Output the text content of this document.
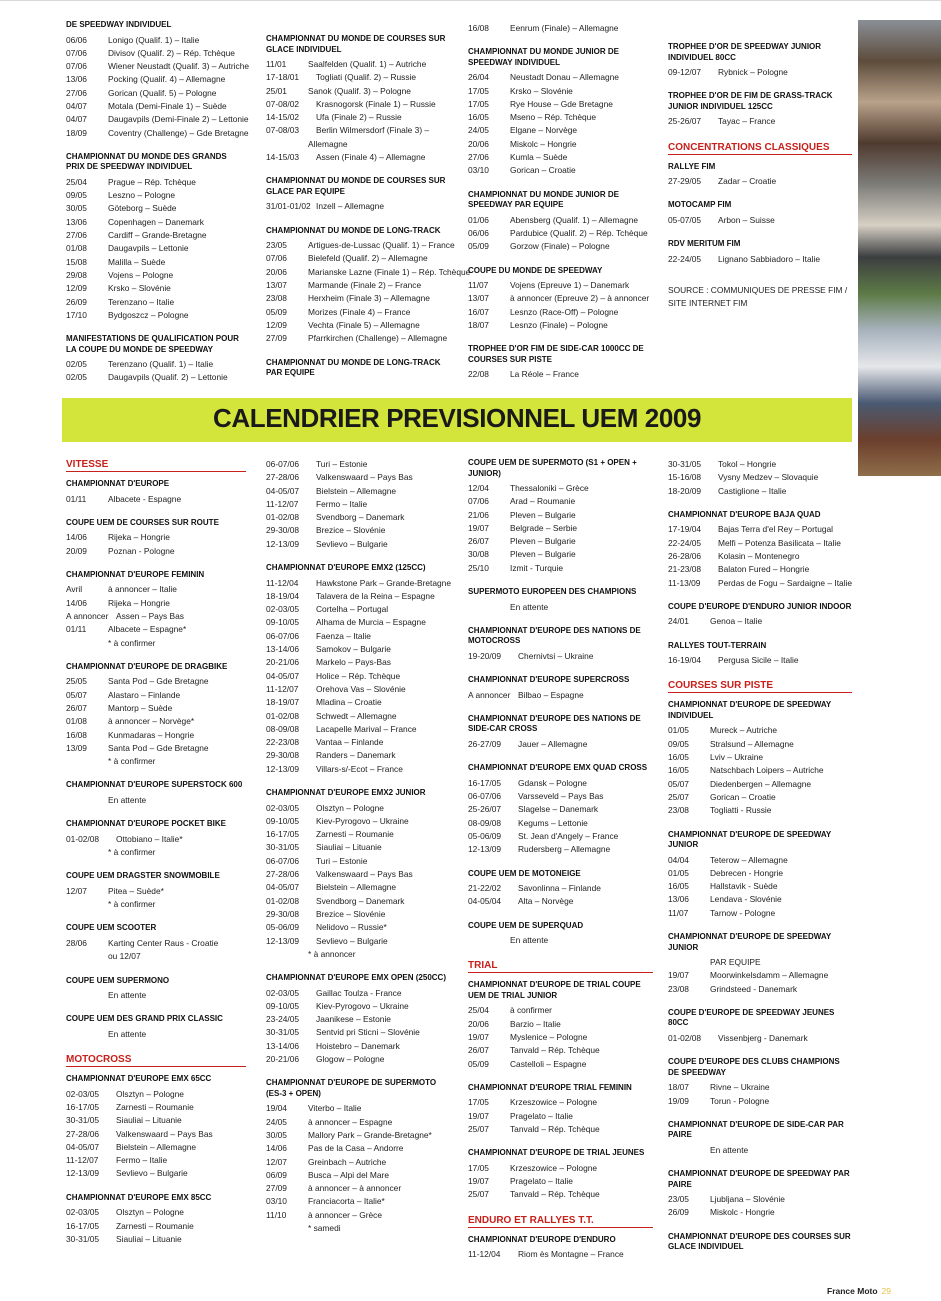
DE SPEEDWAY INDIVIDUEL
06/06	Lonigo (Qualif. 1) – Italie
07/06	Divisov (Qualif. 2) – Rép. Tchèque
07/06	Wiener Neustadt (Qualif. 3) – Autriche
13/06	Pocking (Qualif. 4) – Allemagne
27/06	Gorican (Qualif. 5) – Pologne
04/07	Motala (Demi-Finale 1) – Suède
04/07	Daugavpils (Demi-Finale 2) – Lettonie
18/09	Coventry (Challenge) – Gde Bretagne
CHAMPIONNAT DU MONDE DES GRANDS PRIX DE SPEEDWAY INDIVIDUEL
25/04	Prague – Rép. Tchèque
09/05	Leszno – Pologne
30/05	Göteborg – Suède
13/06	Copenhagen – Danemark
27/06	Cardiff – Grande-Bretagne
01/08	Daugavpils – Lettonie
15/08	Malilla – Suède
29/08	Vojens – Pologne
12/09	Krsko – Slovénie
26/09	Terenzano – Italie
17/10	Bydgoszcz – Pologne
MANIFESTATIONS DE QUALIFICATION POUR LA COUPE DU MONDE DE SPEEDWAY
02/05	Terenzano (Qualif. 1) – Italie
02/05	Daugavpils (Qualif. 2) – Lettonie
CHAMPIONNAT DU MONDE DE COURSES SUR GLACE INDIVIDUEL
11/01	Saalfelden (Qualif. 1) – Autriche
17-18/01	Togliati (Qualif. 2) – Russie
25/01	Sanok (Qualif. 3) – Pologne
07-08/02	Krasnogorsk (Finale 1) – Russie
14-15/02	Ufa (Finale 2) – Russie
07-08/03	Berlin Wilmersdorf (Finale 3) –
Allemagne
14-15/03	Assen (Finale 4) – Allemagne
CHAMPIONNAT DU MONDE DE COURSES SUR GLACE PAR EQUIPE
31/01-01/02 Inzell – Allemagne
CHAMPIONNAT DU MONDE DE LONG-TRACK
23/05	Artigues-de-Lussac (Qualif. 1) – France
07/06	Bielefeld (Qualif. 2) – Allemagne
20/06	Marianske Lazne (Finale 1) – Rép. Tchèque
13/07	Marmande (Finale 2) – France
23/08	Herxheim (Finale 3) – Allemagne
05/09	Morizes (Finale 4) – France
12/09	Vechta (Finale 5) – Allemagne
27/09	Pfarrkirchen (Challenge) – Allemagne
CHAMPIONNAT DU MONDE DE LONG-TRACK PAR EQUIPE
16/08	Eenrum (Finale) – Allemagne
CHAMPIONNAT DU MONDE JUNIOR DE SPEEDWAY INDIVIDUEL
26/04	Neustadt Donau – Allemagne
17/05	Krsko – Slovénie
17/05	Rye House – Gde Bretagne
16/05	Mseno – Rép. Tchèque
24/05	Elgane – Norvège
20/06	Miskolc – Hongrie
27/06	Kumla – Suède
03/10	Gorican – Croatie
CHAMPIONNAT DU MONDE JUNIOR DE SPEEDWAY PAR EQUIPE
01/06	Abensberg (Qualif. 1) – Allemagne
06/06	Pardubice (Qualif. 2) – Rép. Tchèque
05/09	Gorzow (Finale) – Pologne
COUPE DU MONDE DE SPEEDWAY
11/07	Vojens (Epreuve 1) – Danemark
13/07	à annoncer (Epreuve 2) – à annoncer
16/07	Lesnzo (Race-Off) – Pologne
18/07	Lesnzo (Finale) – Pologne
TROPHEE D'OR FIM DE SIDE-CAR 1000CC DE COURSES SUR PISTE
22/08	La Réole – France
TROPHEE D'OR DE SPEEDWAY JUNIOR INDIVIDUEL 80CC
09-12/07	Rybnick – Pologne
TROPHEE D'OR DE FIM DE GRASS-TRACK JUNIOR INDIVIDUEL 125CC
25-26/07	Tayac – France
CONCENTRATIONS CLASSIQUES
RALLYE FIM
27-29/05	Zadar – Croatie
MOTOCAMP FIM
05-07/05	Arbon – Suisse
RDV MERITUM FIM
22-24/05	Lignano Sabbiadoro – Italie
SOURCE : COMMUNIQUES DE PRESSE FIM / SITE INTERNET FIM
CALENDRIER PREVISIONNEL UEM 2009
VITESSE
CHAMPIONNAT D'EUROPE
01/11	Albacete - Espagne
COUPE UEM DE COURSES SUR ROUTE
14/06	Rijeka – Hongrie
20/09	Poznan - Pologne
CHAMPIONNAT D'EUROPE FEMININ
Avril	à annoncer – Italie
14/06	Rijeka – Hongrie
A annoncer Assen – Pays Bas
01/11	Albacete – Espagne*
* à confirmer
CHAMPIONNAT D'EUROPE DE DRAGBIKE
25/05	Santa Pod – Gde Bretagne
05/07	Alastaro – Finlande
26/07	Mantorp – Suède
01/08	à annoncer – Norvège*
16/08	Kunmadaras – Hongrie
13/09	Santa Pod – Gde Bretagne
* à confirmer
CHAMPIONNAT D'EUROPE SUPERSTOCK 600
En attente
CHAMPIONNAT D'EUROPE POCKET BIKE
01-02/08	Ottobiano – Italie*
* à confirmer
COUPE UEM DRAGSTER SNOWMOBILE
12/07	Pitea – Suède*
* à confirmer
COUPE UEM SCOOTER
28/06	Karting Center Raus - Croatie
ou 12/07
COUPE UEM SUPERMONO
En attente
COUPE UEM DES GRAND PRIX CLASSIC
En attente
MOTOCROSS
CHAMPIONNAT D'EUROPE EMX 65CC
02-03/05	Olsztyn – Pologne
16-17/05	Zarnesti – Roumanie
30-31/05	Siauliai – Lituanie
27-28/06	Valkenswaard – Pays Bas
04-05/07	Bielstein – Allemagne
11-12/07	Fermo – Italie
12-13/09	Sevlievo – Bulgarie
CHAMPIONNAT D'EUROPE EMX 85CC
02-03/05	Olsztyn – Pologne
16-17/05	Zarnesti – Roumanie
30-31/05	Siauliai – Lituanie
06-07/06	Turi – Estonie
27-28/06	Valkenswaard – Pays Bas
04-05/07	Bielstein – Allemagne
11-12/07	Fermo – Italie
01-02/08	Svendborg – Danemark
29-30/08	Brezice – Slovénie
12-13/09	Sevlievo – Bulgarie
CHAMPIONNAT D'EUROPE EMX2 (125CC)
11-12/04	Hawkstone Park – Grande-Bretagne
18-19/04	Talavera de la Reina – Espagne
02-03/05	Cortelha – Portugal
09-10/05	Alhama de Murcia – Espagne
06-07/06	Faenza – Italie
13-14/06	Samokov – Bulgarie
20-21/06	Markelo – Pays-Bas
04-05/07	Holice – Rép. Tchèque
11-12/07	Orehova Vas – Slovénie
18-19/07	Mladina – Croatie
01-02/08	Schwedt – Allemagne
08-09/08	Lacapelle Marival – France
22-23/08	Vantaa – Finlande
29-30/08	Randers – Danemark
12-13/09	Villars-s/-Ecot – France
CHAMPIONNAT D'EUROPE EMX2 JUNIOR
02-03/05	Olsztyn – Pologne
09-10/05	Kiev-Pyrogovo – Ukraine
16-17/05	Zarnesti – Roumanie
30-31/05	Siauliai – Lituanie
06-07/06	Turi – Estonie
27-28/06	Valkenswaard – Pays Bas
04-05/07	Bielstein – Allemagne
01-02/08	Svendborg – Danemark
29-30/08	Brezice – Slovénie
05-06/09	Nelidovo – Russie*
12-13/09	Sevlievo – Bulgarie
* à annoncer
CHAMPIONNAT D'EUROPE EMX OPEN (250CC)
02-03/05	Gaillac Toulza - France
09-10/05	Kiev-Pyrogovo – Ukraine
23-24/05	Jaanikese – Estonie
30-31/05	Sentvid pri Sticni – Slovénie
13-14/06	Hoistebro – Danemark
20-21/06	Glogow – Pologne
CHAMPIONNAT D'EUROPE DE SUPERMOTO (ES-3 + OPEN)
19/04	Viterbo – Italie
24/05	à annoncer – Espagne
30/05	Mallory Park – Grande-Bretagne*
14/06	Pas de la Casa – Andorre
12/07	Greinbach – Autriche
06/09	Busca – Alpi del Mare
27/09	à annoncer – à annoncer
03/10	Franciacorta – Italie*
11/10	à annoncer – Grèce
* samedi
COUPE UEM DE SUPERMOTO (S1 + OPEN + JUNIOR)
12/04	Thessaloniki – Grèce
07/06	Arad – Roumanie
21/06	Pleven – Bulgarie
19/07	Belgrade – Serbie
26/07	Pleven – Bulgarie
30/08	Pleven – Bulgarie
25/10	Izmit - Turquie
SUPERMOTO EUROPEEN DES CHAMPIONS
En attente
CHAMPIONNAT D'EUROPE DES NATIONS DE MOTOCROSS
19-20/09	Chernivtsi – Ukraine
CHAMPIONNAT D'EUROPE SUPERCROSS
A annoncer Bilbao – Espagne
CHAMPIONNAT D'EUROPE DES NATIONS DE SIDE-CAR CROSS
26-27/09	Jauer – Allemagne
CHAMPIONNAT D'EUROPE EMX QUAD CROSS
16-17/05	Gdansk – Pologne
06-07/06	Varsseveld – Pays Bas
25-26/07	Slagelse – Danemark
08-09/08	Kegums – Lettonie
05-06/09	St. Jean d'Angely – France
12-13/09	Rudersberg – Allemagne
COUPE UEM DE MOTONEIGE
21-22/02	Savonlinna – Finlande
04-05/04	Alta – Norvège
COUPE UEM DE SUPERQUAD
En attente
TRIAL
CHAMPIONNAT D'EUROPE DE TRIAL COUPE UEM DE TRIAL JUNIOR
25/04	à confirmer
20/06	Barzio – Italie
19/07	Myslenice – Pologne
26/07	Tanvald – Rép. Tchèque
05/09	Castelloli – Espagne
CHAMPIONNAT D'EUROPE TRIAL FEMININ
17/05	Krzeszowice – Pologne
19/07	Pragelato – Italie
25/07	Tanvald – Rép. Tchèque
CHAMPIONNAT D'EUROPE DE TRIAL JEUNES
17/05	Krzeszowice – Pologne
19/07	Pragelato – Italie
25/07	Tanvald – Rép. Tchèque
ENDURO ET RALLYES T.T.
CHAMPIONNAT D'EUROPE D'ENDURO
11-12/04	Riom ès Montagne – France
30-31/05	Tokol – Hongrie
15-16/08	Vysny Medzev – Slovaquie
18-20/09	Castiglione – Italie
CHAMPIONNAT D'EUROPE BAJA QUAD
17-19/04	Bajas Terra d'el Rey – Portugal
22-24/05	Melfi – Potenza Basilicata – Italie
26-28/06	Kolasin – Montenegro
21-23/08	Balaton Fured – Hongrie
11-13/09	Perdas de Fogu – Sardaigne – Italie
COUPE D'EUROPE D'ENDURO JUNIOR INDOOR
24/01	Genoa – Italie
RALLYES TOUT-TERRAIN
16-19/04	Pergusa Sicile – Italie
COURSES SUR PISTE
CHAMPIONNAT D'EUROPE DE SPEEDWAY INDIVIDUEL
01/05	Mureck – Autriche
09/05	Stralsund – Allemagne
16/05	Lviv – Ukraine
16/05	Natschbach Loipers – Autriche
05/07	Diedenbergen – Allemagne
25/07	Gorican – Croatie
23/08	Togliatti - Russie
CHAMPIONNAT D'EUROPE DE SPEEDWAY JUNIOR
04/04	Teterow – Allemagne
01/05	Debrecen - Hongrie
16/05	Hallstavik - Suède
13/06	Lendava - Slovénie
11/07	Tarnow - Pologne
CHAMPIONNAT D'EUROPE DE SPEEDWAY JUNIOR
PAR EQUIPE
19/07	Moorwinkelsdamm – Allemagne
23/08	Grindsteed - Danemark
COUPE D'EUROPE DE SPEEDWAY JEUNES 80CC
01-02/08	Vissenbjerg - Danemark
COUPE D'EUROPE DES CLUBS CHAMPIONS DE SPEEDWAY
18/07	Rivne – Ukraine
19/09	Torun - Pologne
CHAMPIONNAT D'EUROPE DE SIDE-CAR PAR PAIRE
En attente
CHAMPIONNAT D'EUROPE DE SPEEDWAY PAR PAIRE
23/05	Ljubljana – Slovénie
26/09	Miskolc - Hongrie
CHAMPIONNAT D'EUROPE DES COURSES SUR GLACE INDIVIDUEL
France Moto 29
